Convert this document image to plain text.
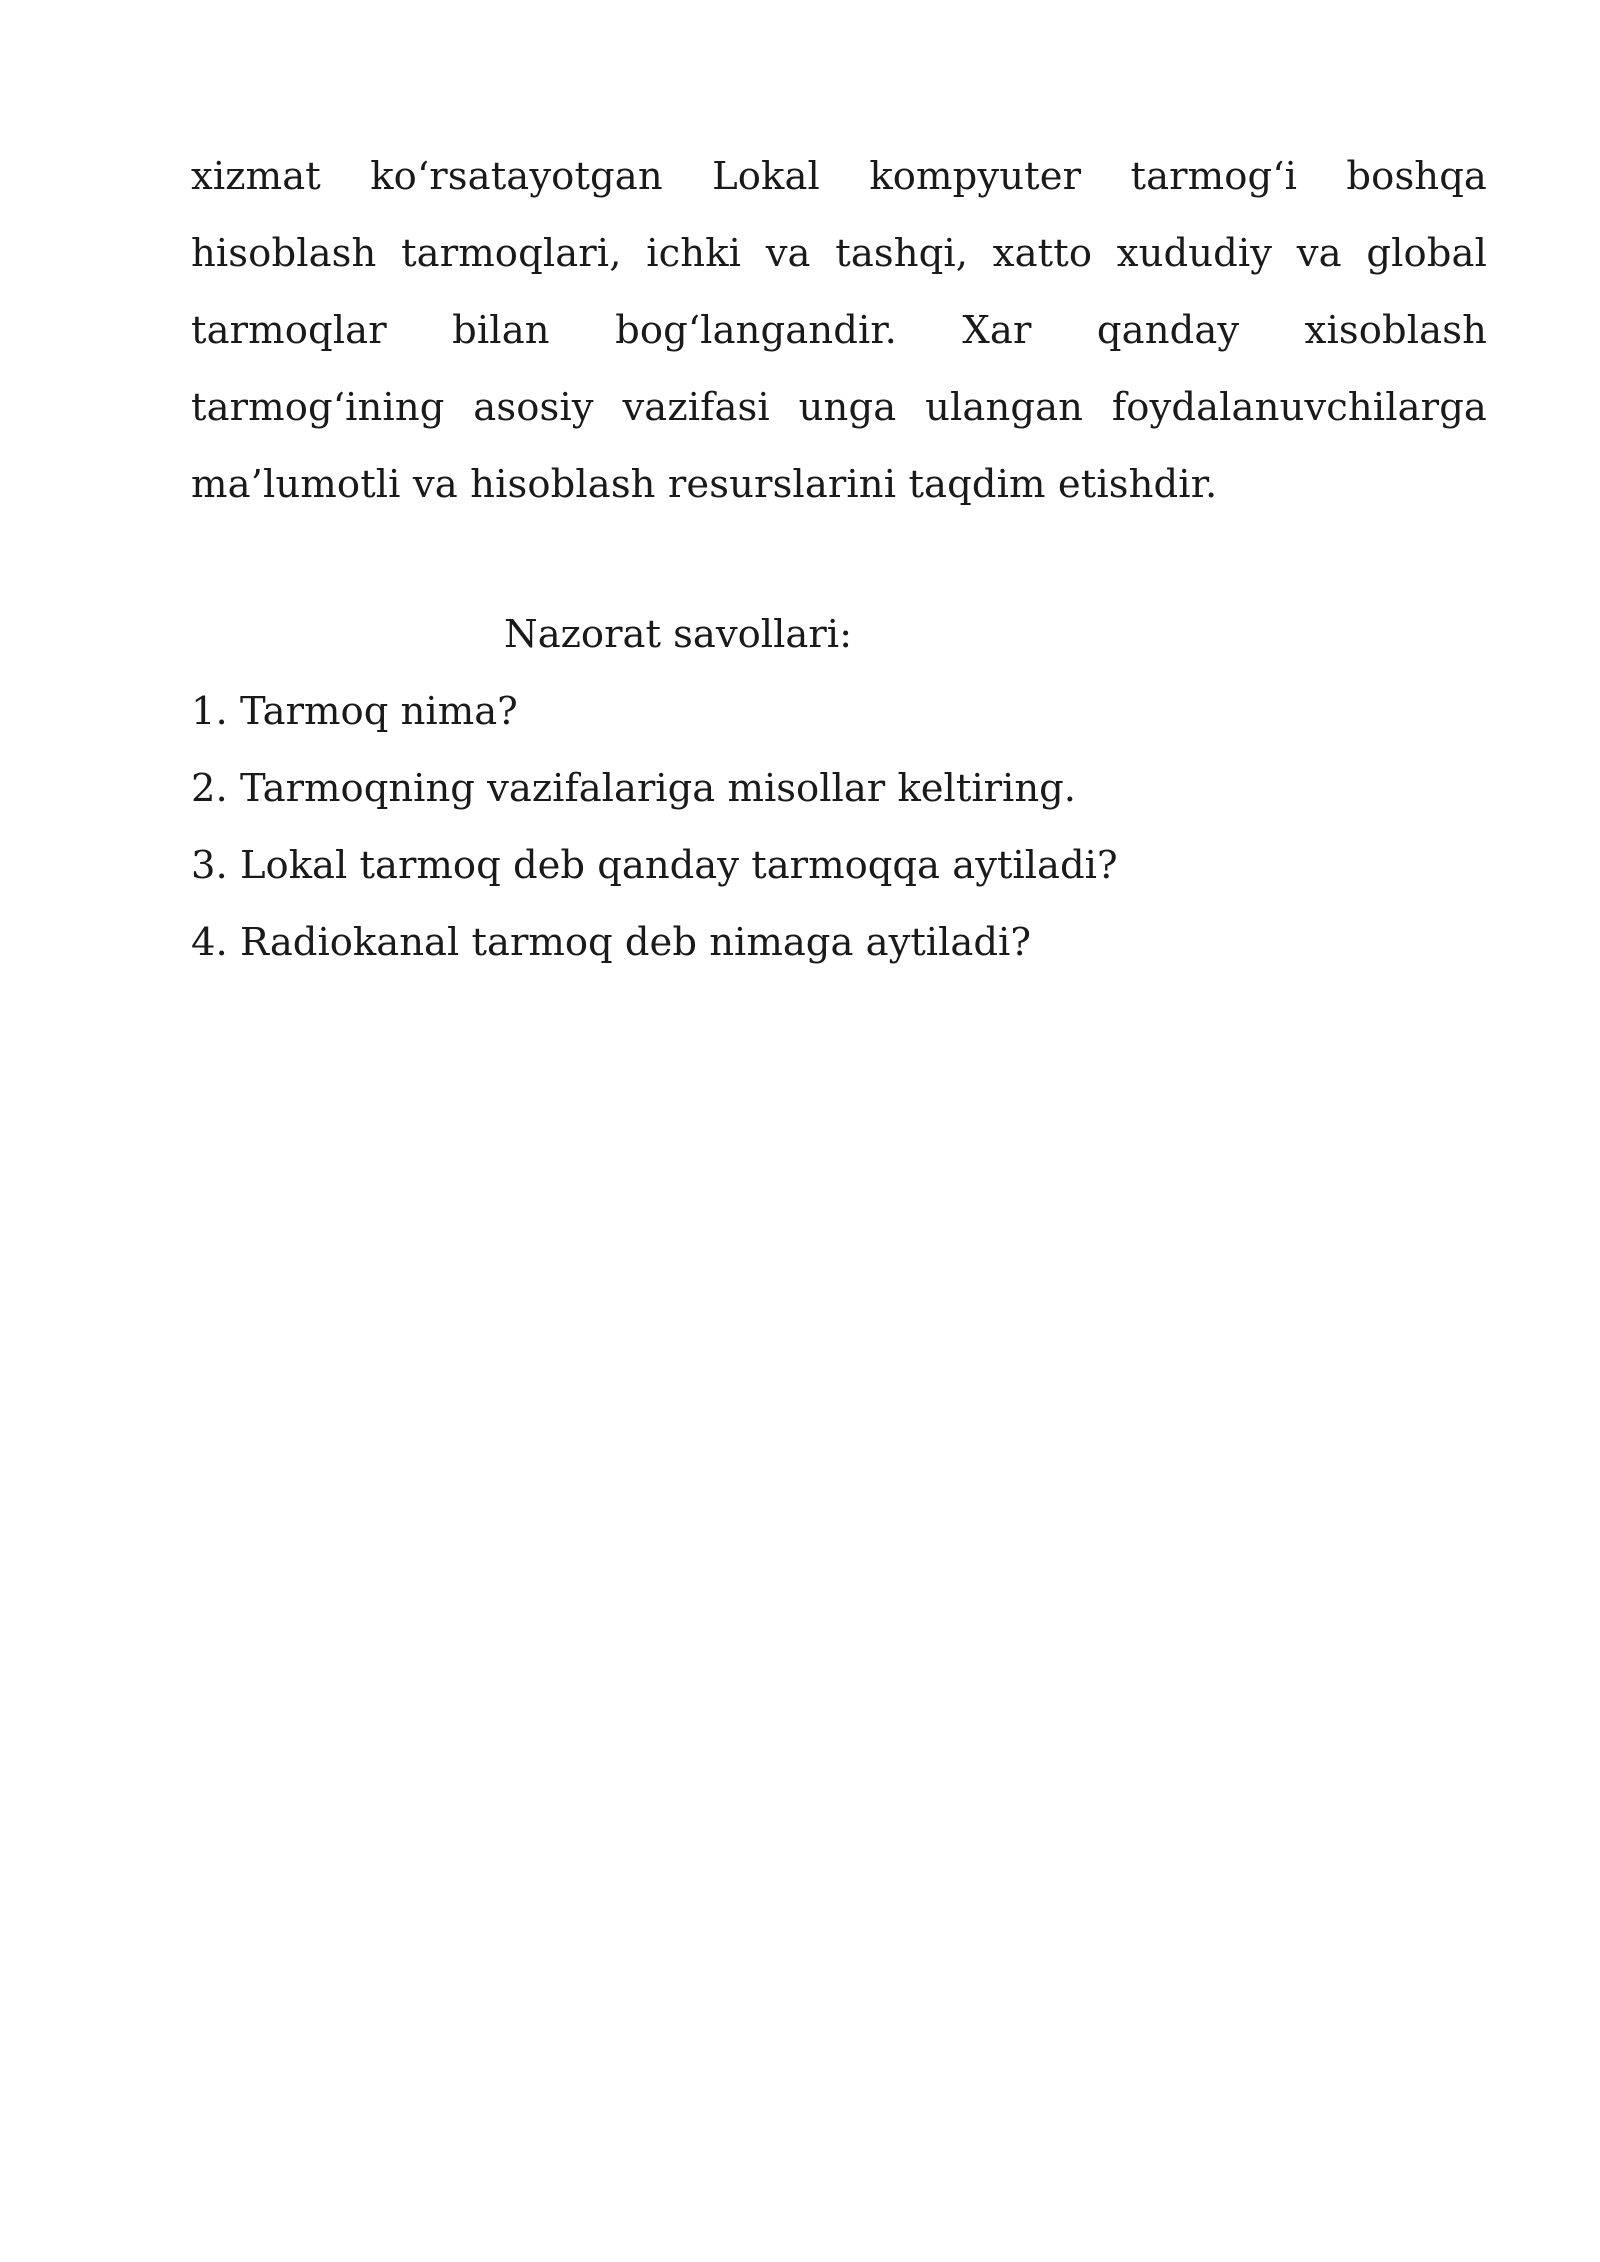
xizmat ko‘rsatayotgan Lokal kompyuter tarmog‘i boshqa hisoblash tarmoqlari, ichki va tashqi, xatto xududiy va global tarmoqlar bilan bog‘langandir. Xar qanday xisoblash tarmog‘ining asosiy vazifasi unga ulangan foydalanuvchilarga ma’lumotli va hisoblash resurslarini taqdim etishdir.

Nazorat savollari:
1. Tarmoq nima?
2. Tarmoqning vazifalariga misollar keltiring.
3. Lokal tarmoq deb qanday tarmoqqa aytiladi?
4. Radiokanal tarmoq deb nimaga aytiladi?
